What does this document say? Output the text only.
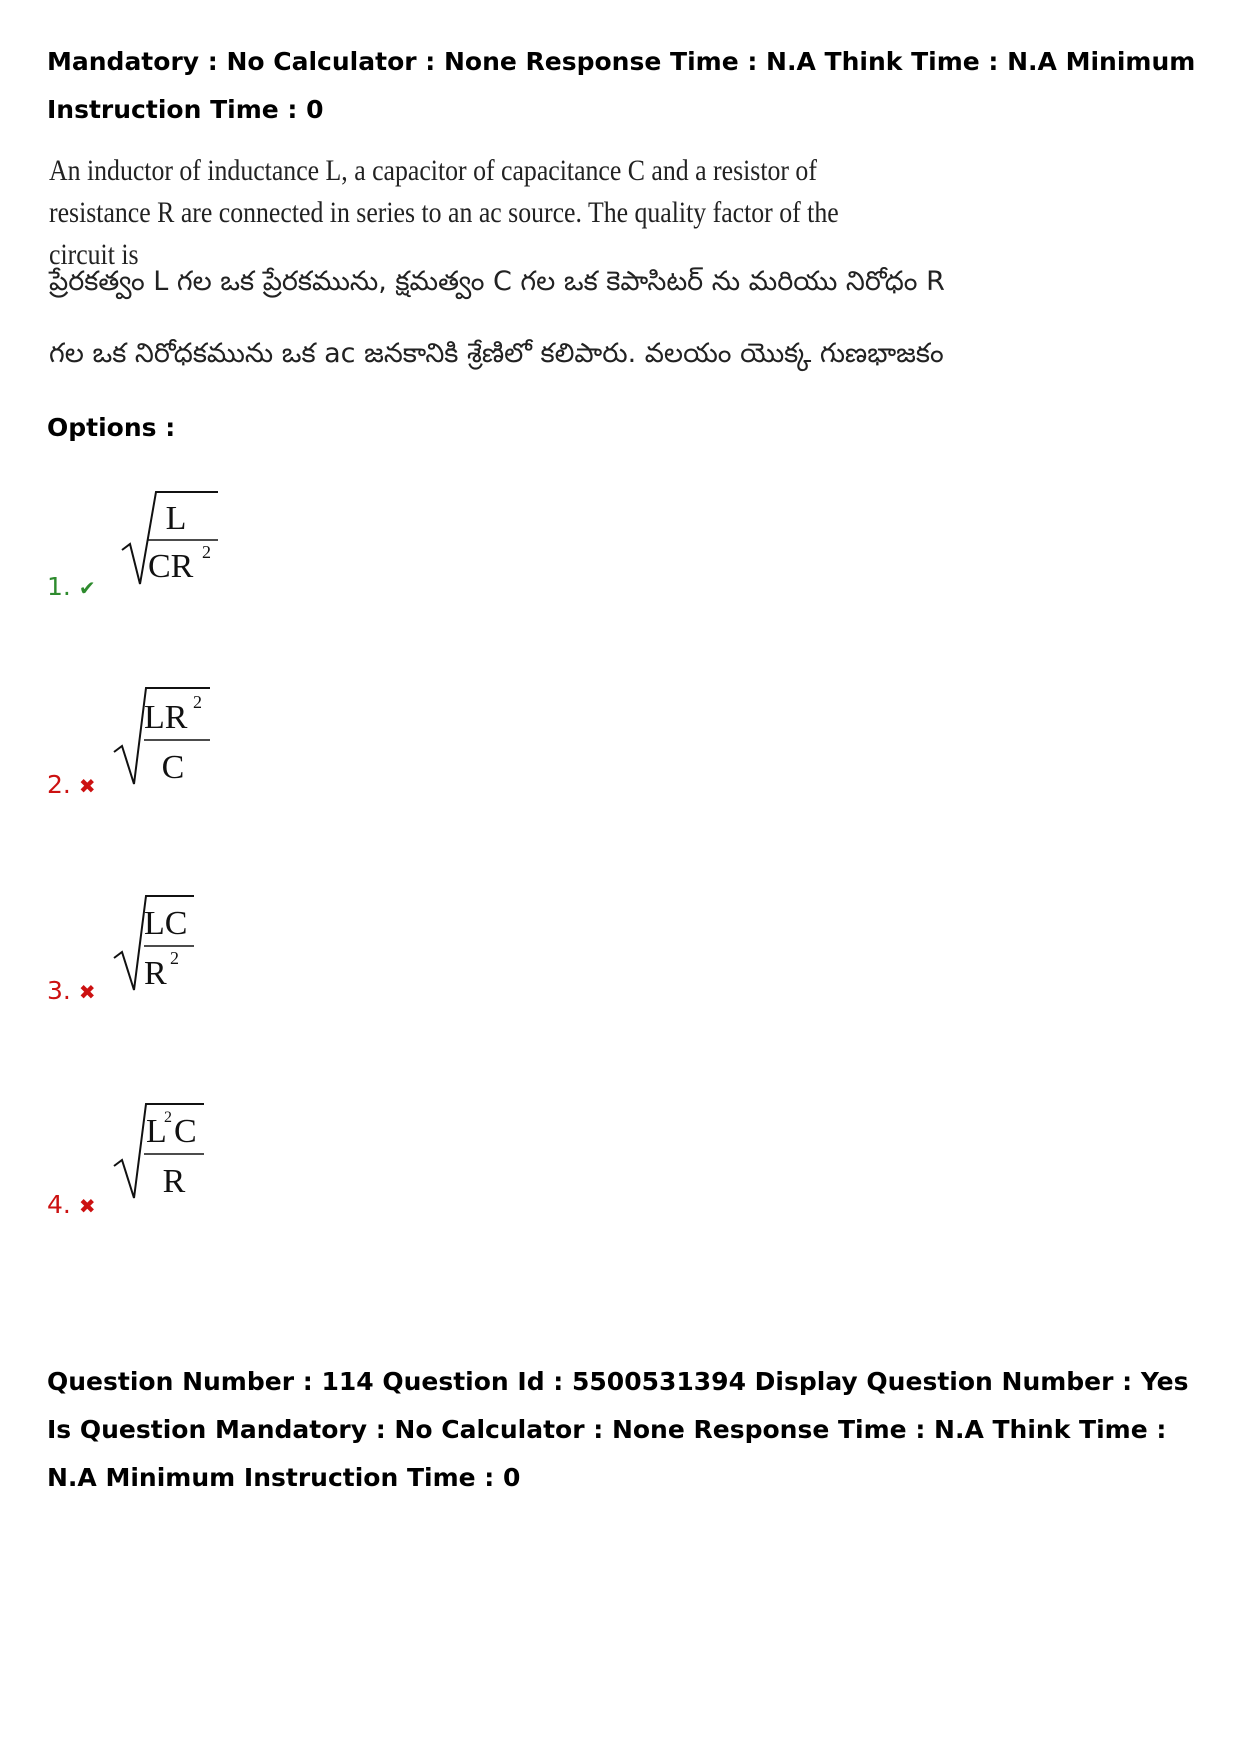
Mandatory : No Calculator : None Response Time : N.A Think Time : N.A Minimum Instruction Time : 0

An inductor of inductance L, a capacitor of capacitance C and a resistor of resistance R are connected in series to an ac source. The quality factor of the circuit is

ప్రేరకత్వం L గల ఒక ప్రేరకమును, క్షమత్వం C గల ఒక కెపాసిటర్ ను మరియు నిరోధం R

గల ఒక నిరోధకమును ఒక ac జనకానికి శ్రేణిలో కలిపారు. వలయం యొక్క గుణభాజకం

Options :
1. ✔
L
CR 2
2. ✖
LR 2
C
3. ✖
LC
R 2
4. ✖
L
2 C
R

Question Number : 114 Question Id : 5500531394 Display Question Number : Yes Is Question Mandatory : No Calculator : None Response Time : N.A Think Time : N.A Minimum Instruction Time : 0
